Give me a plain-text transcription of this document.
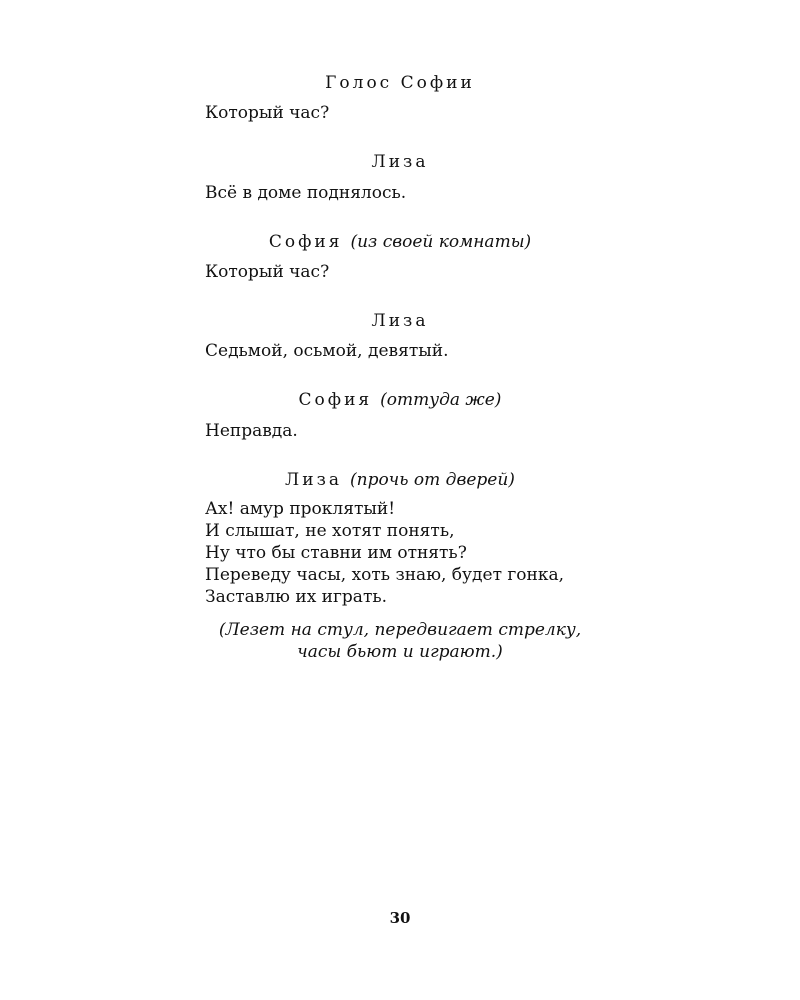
Голос Софии
Который час?
Лиза
Всё в доме поднялось.
София (из своей комнаты)
Который час?
Лиза
Седьмой, осьмой, девятый.
София (оттуда же)
Неправда.
Лиза (прочь от дверей)
Ах! амур проклятый!
И слышат, не хотят понять,
Ну что бы ставни им отнять?
Переведу часы, хоть знаю, будет гонка,
Заставлю их играть.
(Лезет на стул, передвигает стрелку,
часы бьют и играют.)
30
